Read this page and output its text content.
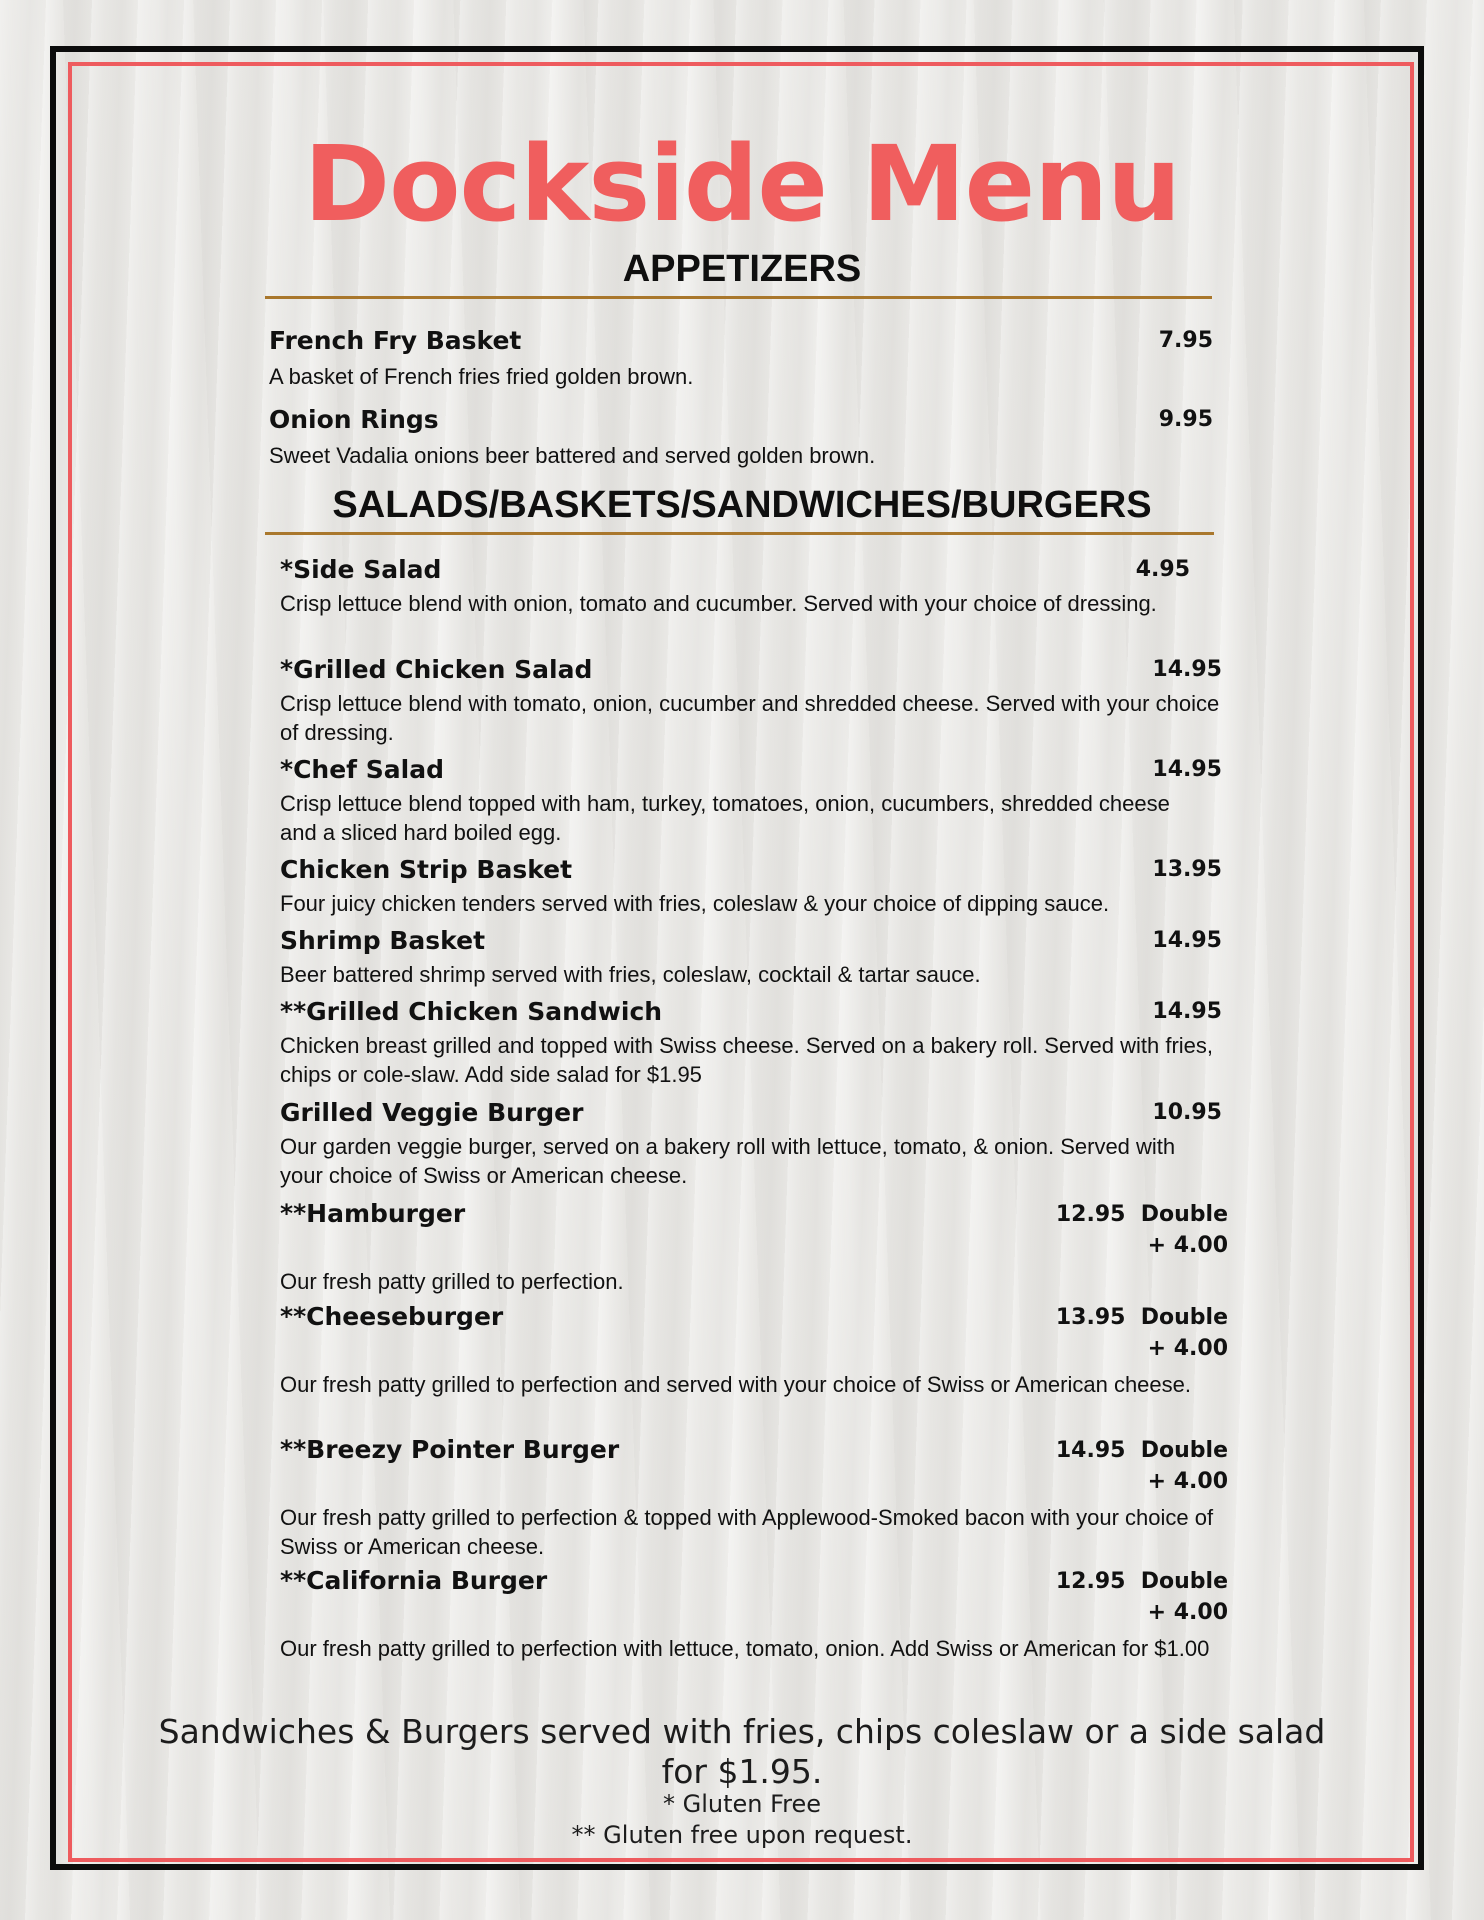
Dockside Menu
APPETIZERS
French Fry Basket	7.95
A basket of French fries fried golden brown.
Onion Rings	9.95
Sweet Vadalia onions beer battered and served golden brown.
SALADS/BASKETS/SANDWICHES/BURGERS
*Side Salad	4.95
Crisp lettuce blend with onion, tomato and cucumber. Served with your choice of dressing.
*Grilled Chicken Salad	14.95
Crisp lettuce blend with tomato, onion, cucumber and shredded cheese. Served with your choice of dressing.
*Chef Salad	14.95
Crisp lettuce blend topped with ham, turkey, tomatoes, onion, cucumbers, shredded cheese and a sliced hard boiled egg.
Chicken Strip Basket	13.95
Four juicy chicken tenders served with fries, coleslaw & your choice of dipping sauce.
Shrimp Basket	14.95
Beer battered shrimp served with fries, coleslaw, cocktail & tartar sauce.
**Grilled Chicken Sandwich	14.95
Chicken breast grilled and topped with Swiss cheese. Served on a bakery roll. Served with fries, chips or cole-slaw. Add side salad for $1.95
Grilled Veggie Burger	10.95
Our garden veggie burger, served on a bakery roll with lettuce, tomato, & onion. Served with your choice of Swiss or American cheese.
**Hamburger	12.95  Double
+ 4.00
Our fresh patty grilled to perfection.
**Cheeseburger	13.95  Double
+ 4.00
Our fresh patty grilled to perfection and served with your choice of Swiss or American cheese.
**Breezy Pointer Burger	14.95  Double
+ 4.00
Our fresh patty grilled to perfection & topped with Applewood-Smoked bacon with your choice of Swiss or American cheese.
**California Burger	12.95  Double
+ 4.00
Our fresh patty grilled to perfection with lettuce, tomato, onion. Add Swiss or American for $1.00
Sandwiches & Burgers served with fries, chips coleslaw or a side salad for $1.95.
* Gluten Free
** Gluten free upon request.
